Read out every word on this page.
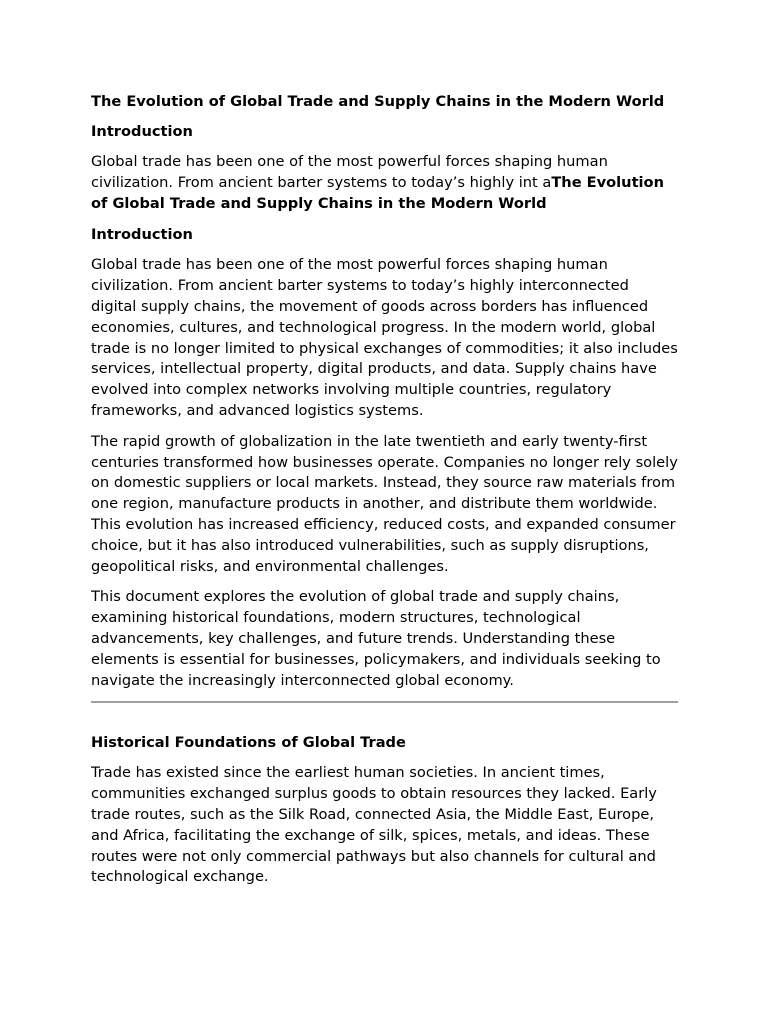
The Evolution of Global Trade and Supply Chains in the Modern World
Introduction

Global trade has been one of the most powerful forces shaping human civilization. From ancient barter systems to today’s highly int aThe Evolution of Global Trade and Supply Chains in the Modern World

Introduction

Global trade has been one of the most powerful forces shaping human civilization. From ancient barter systems to today’s highly interconnected digital supply chains, the movement of goods across borders has influenced economies, cultures, and technological progress. In the modern world, global trade is no longer limited to physical exchanges of commodities; it also includes services, intellectual property, digital products, and data. Supply chains have evolved into complex networks involving multiple countries, regulatory frameworks, and advanced logistics systems.

The rapid growth of globalization in the late twentieth and early twenty-first centuries transformed how businesses operate. Companies no longer rely solely on domestic suppliers or local markets. Instead, they source raw materials from one region, manufacture products in another, and distribute them worldwide. This evolution has increased efficiency, reduced costs, and expanded consumer choice, but it has also introduced vulnerabilities, such as supply disruptions, geopolitical risks, and environmental challenges.

This document explores the evolution of global trade and supply chains, examining historical foundations, modern structures, technological advancements, key challenges, and future trends. Understanding these elements is essential for businesses, policymakers, and individuals seeking to navigate the increasingly interconnected global economy.

Historical Foundations of Global Trade

Trade has existed since the earliest human societies. In ancient times, communities exchanged surplus goods to obtain resources they lacked. Early trade routes, such as the Silk Road, connected Asia, the Middle East, Europe, and Africa, facilitating the exchange of silk, spices, metals, and ideas. These routes were not only commercial pathways but also channels for cultural and technological exchange.
